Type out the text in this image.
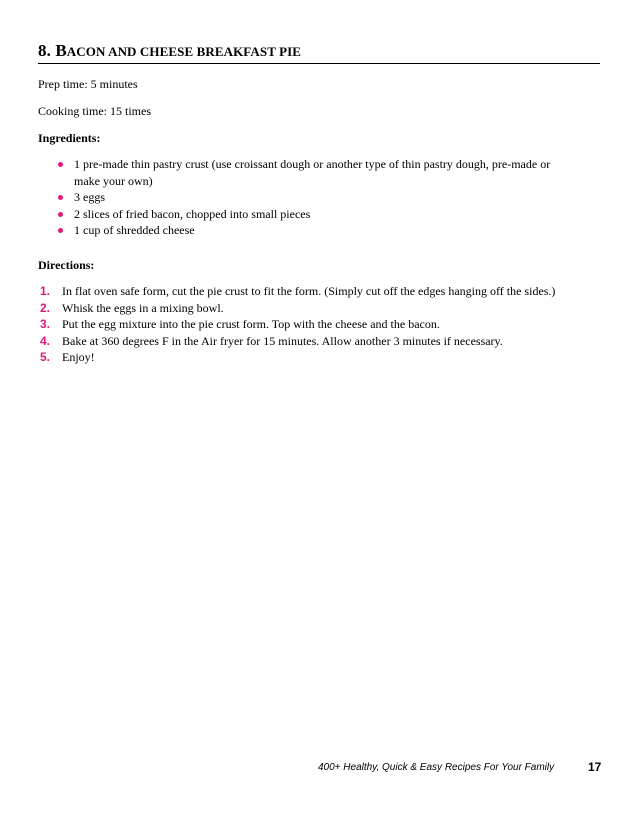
8. BACON AND CHEESE BREAKFAST PIE

Prep time: 5 minutes

Cooking time: 15 times

Ingredients:

1 pre-made thin pastry crust (use croissant dough or another type of thin pastry dough, pre-made or make your own)
3 eggs
2 slices of fried bacon, chopped into small pieces
1 cup of shredded cheese

Directions:

1. In flat oven safe form, cut the pie crust to fit the form. (Simply cut off the edges hanging off the sides.)
2. Whisk the eggs in a mixing bowl.
3. Put the egg mixture into the pie crust form. Top with the cheese and the bacon.
4. Bake at 360 degrees F in the Air fryer for 15 minutes. Allow another 3 minutes if necessary.
5. Enjoy!
400+ Healthy, Quick & Easy Recipes For Your Family	17
